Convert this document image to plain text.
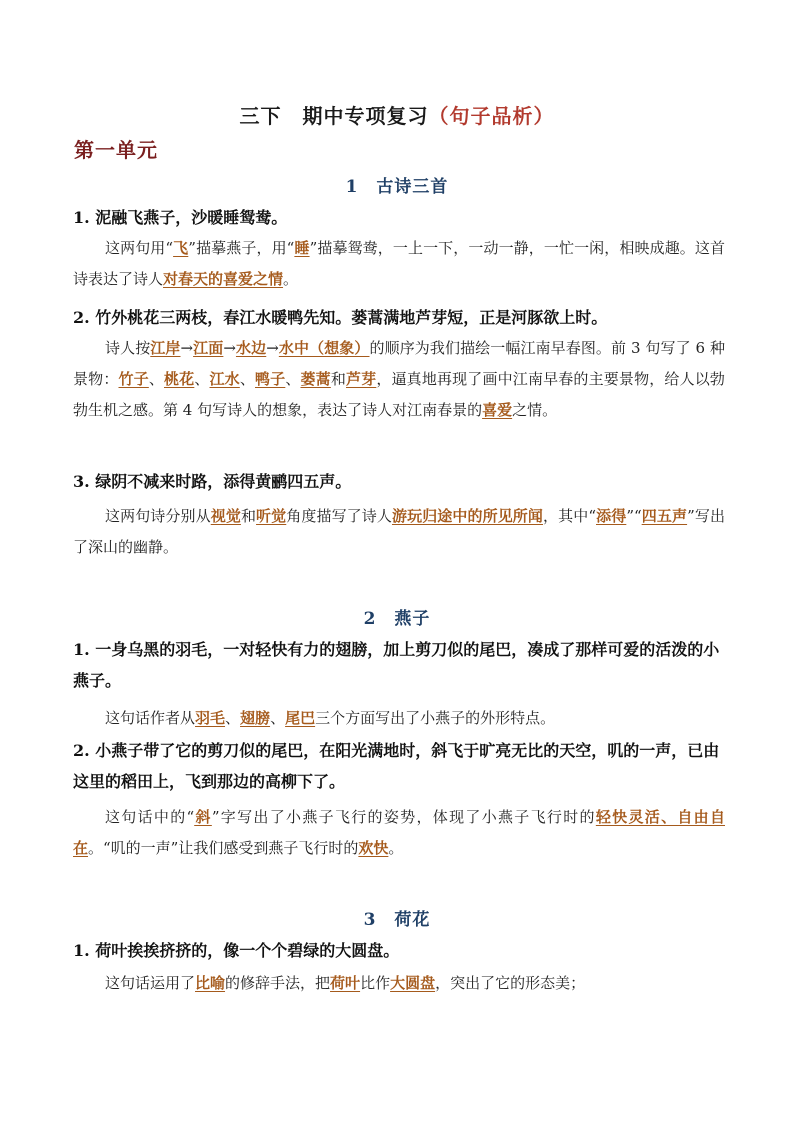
三下　期中专项复习（句子品析）
第一单元
1　古诗三首
1. 泥融飞燕子，沙暖睡鸳鸯。
这两句用“飞”描摹燕子，用“睡”描摹鸳鸯，一上一下，一动一静，一忙一闲，相映成趣。这首诗表达了诗人对春天的喜爱之情。
2. 竹外桃花三两枝，春江水暖鸭先知。蒌蒿满地芦芽短，正是河豚欲上时。
诗人按江岸→江面→水边→水中（想象）的顺序为我们描绘一幅江南早春图。前 3 句写了 6 种景物：竹子、桃花、江水、鸭子、蒌蒿和芦芽，逼真地再现了画中江南早春的主要景物，给人以勃勃生机之感。第 4 句写诗人的想象，表达了诗人对江南春景的喜爱之情。
3. 绿阴不减来时路，添得黄鹂四五声。
这两句诗分别从视觉和听觉角度描写了诗人游玩归途中的所见所闻，其中“添得”“四五声”写出了深山的幽静。
2　燕子
1. 一身乌黑的羽毛，一对轻快有力的翅膀，加上剪刀似的尾巴，凑成了那样可爱的活泼的小燕子。
这句话作者从羽毛、翅膀、尾巴三个方面写出了小燕子的外形特点。
2. 小燕子带了它的剪刀似的尾巴，在阳光满地时，斜飞于旷亮无比的天空，叽的一声，已由这里的稻田上，飞到那边的高柳下了。
这句话中的“斜”字写出了小燕子飞行的姿势，体现了小燕子飞行时的轻快灵活、自由自在。“叽的一声”让我们感受到燕子飞行时的欢快。
3　荷花
1. 荷叶挨挨挤挤的，像一个个碧绿的大圆盘。
这句话运用了比喻的修辞手法，把荷叶比作大圆盘，突出了它的形态美；
